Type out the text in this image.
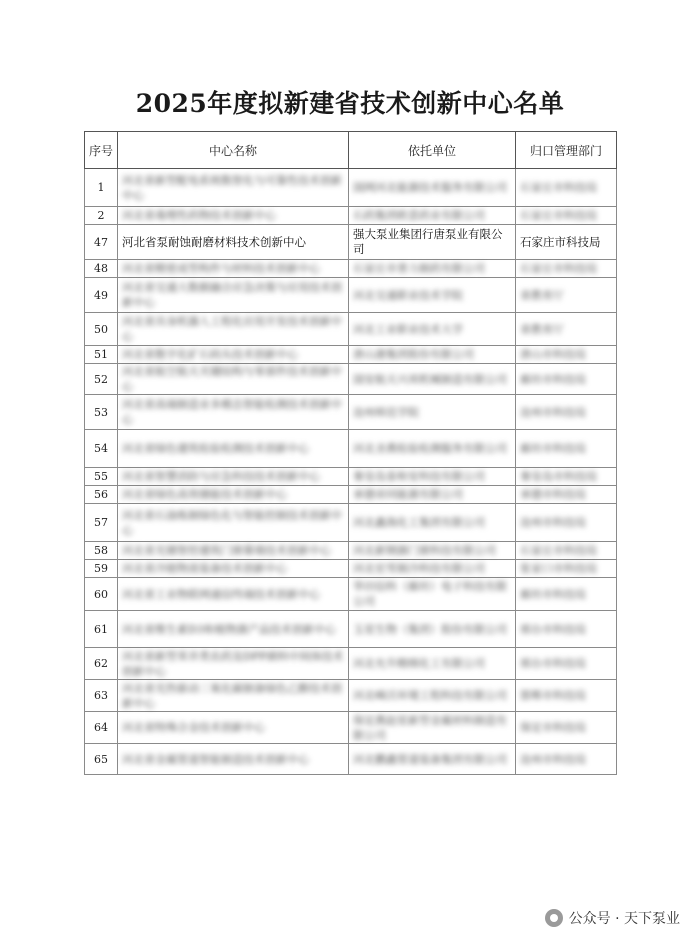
2025年度拟新建省技术创新中心名单
序号	中心名称	依托单位	归口管理部门
1	河北省新型配电系统数智化与可靠性技术创新中心	国网河北能源技术服务有限公司	石家庄市科技局
2	河北省毒理性药物技术创新中心	石药集团欧意药业有限公司	石家庄市科技局
47	河北省泵耐蚀耐磨材料技术创新中心	强大泵业集团行唐泵业有限公司	石家庄市科技局
48	河北省精密成型构件与材料技术创新中心	石家庄市普力制药有限公司	石家庄市科技局
49	河北省交通大数据融合应急决策与应用技术创新中心	河北交通职业技术学院	省教育厅
50	河北省具身机器人工程化应用开发技术创新中心	河北工业职业技术大学	省教育厅
51	河北省数字化矿石码头技术创新中心	唐山港集团股份有限公司	唐山市科技局
52	河北省航空航天关键结构与零部件技术创新中心	国安航天兴邦机械制造有限公司	廊坊市科技局
53	河北省高端制造业多模态智能检测技术创新中心	沧州师范学院	沧州市科技局
54	河北省绿色建筑检验检测技术创新中心	河北圣燕检验检测服务有限公司	廊坊市科技局
55	河北省智慧消防与应急科技技术创新中心	秦皇岛泰和安科技有限公司	秦皇岛市科技局
56	河北省绿色高效储能技术创新中心	承德帝同能源有限公司	承德市科技局
57	河北省石油炼制绿色化与智能控制技术创新中心	河北鑫海化工集团有限公司	沧州市科技局
58	河北省光储智控建筑门窗幕墙技术创新中心	河北新钢源门窗科技有限公司	石家庄市科技局
59	河北省冷链物流装备技术创新中心	河北宏雪制冷科技有限公司	张家口市科技局
60	河北省工业物联网通信终端技术创新中心	华田信科（廊坊）电子科技有限公司	廊坊市科技局
61	河北省维生素D3和植物源产品技术创新中心	玉星生物（集团）股份有限公司	邢台市科技局
62	河北省新型苯并类农药及DPP颜料中间体技术创新中心	河北允升精细化工有限公司	邢台市科技局
63	河北省光热驱动二氧化碳制备绿色乙醇技术创新中心	河北峰沃环境工程科技有限公司	邯郸市科技局
64	河北省特殊合金技术创新中心	保定燕赵星新型金属材料制造有限公司	保定市科技局
65	河北省金属管道智能制造技术创新中心	河北鹏鑫管道装备集团有限公司	沧州市科技局
公众号 · 天下泵业
